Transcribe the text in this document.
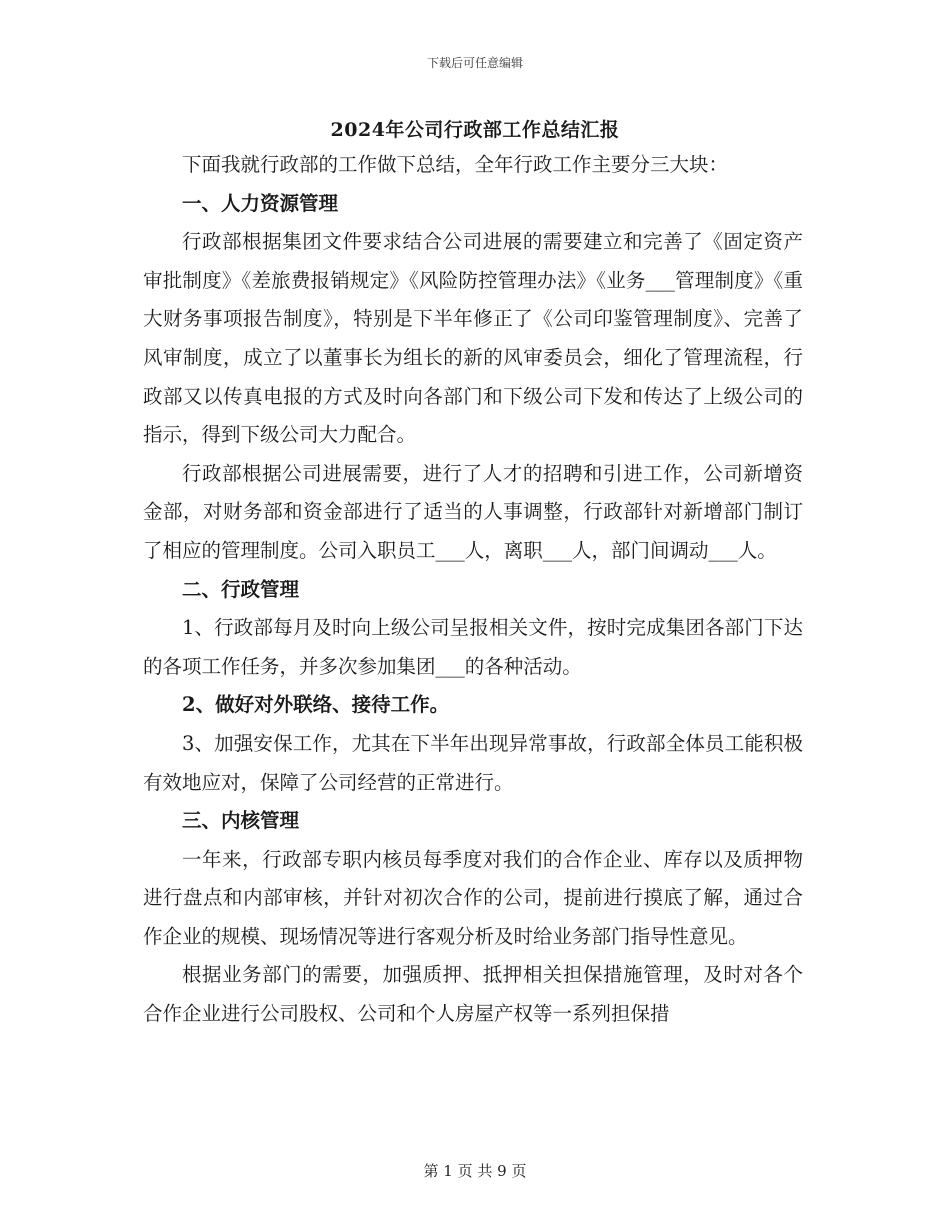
下载后可任意编辑
2024年公司行政部工作总结汇报

下面我就行政部的工作做下总结，全年行政工作主要分三大块：

一、人力资源管理

行政部根据集团文件要求结合公司进展的需要建立和完善了《固定资产审批制度》《差旅费报销规定》《风险防控管理办法》《业务___管理制度》《重大财务事项报告制度》，特别是下半年修正了《公司印鉴管理制度》、完善了风审制度，成立了以董事长为组长的新的风审委员会，细化了管理流程，行政部又以传真电报的方式及时向各部门和下级公司下发和传达了上级公司的指示，得到下级公司大力配合。

行政部根据公司进展需要，进行了人才的招聘和引进工作，公司新增资金部，对财务部和资金部进行了适当的人事调整，行政部针对新增部门制订了相应的管理制度。公司入职员工___人，离职___人，部门间调动___人。

二、行政管理

1、行政部每月及时向上级公司呈报相关文件，按时完成集团各部门下达的各项工作任务，并多次参加集团___的各种活动。

2、做好对外联络、接待工作。

3、加强安保工作，尤其在下半年出现异常事故，行政部全体员工能积极有效地应对，保障了公司经营的正常进行。

三、内核管理

一年来，行政部专职内核员每季度对我们的合作企业、库存以及质押物进行盘点和内部审核，并针对初次合作的公司，提前进行摸底了解，通过合作企业的规模、现场情况等进行客观分析及时给业务部门指导性意见。

根据业务部门的需要，加强质押、抵押相关担保措施管理，及时对各个合作企业进行公司股权、公司和个人房屋产权等一系列担保措

第 1 页 共 9 页
